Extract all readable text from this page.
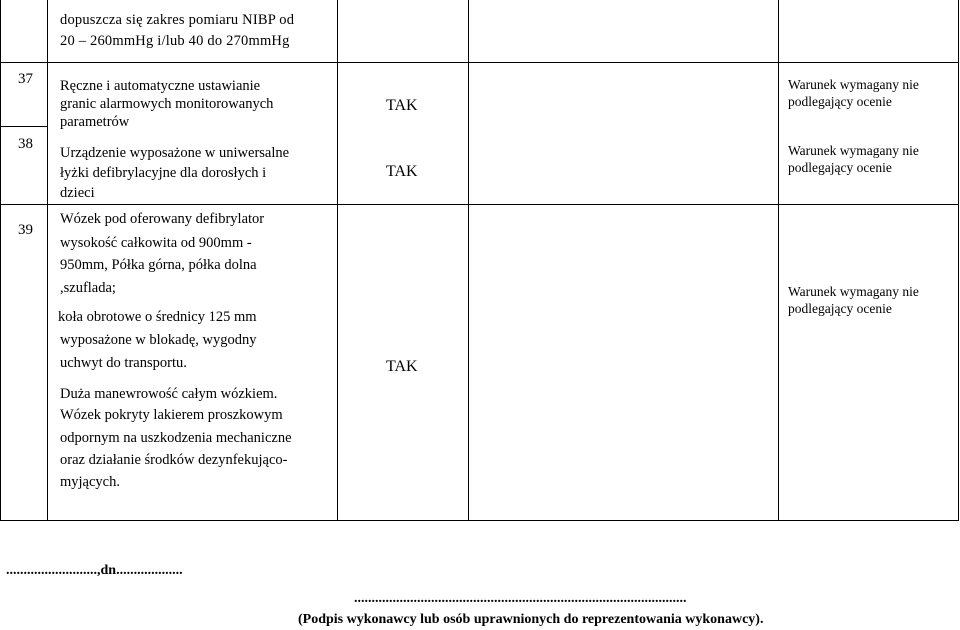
dopuszcza się zakres pomiaru NIBP od
20 – 260mmHg i/lub 40 do 270mmHg
37 Ręczne i automatyczne ustawianie
granic alarmowych monitorowanych
parametrów
TAK
Warunek wymagany nie
podlegający ocenie
38
Urządzenie wyposażone w uniwersalne
łyżki defibrylacyjne dla dorosłych i
dzieci
TAK
Warunek wymagany nie
podlegający ocenie
39
Wózek pod oferowany defibrylator
wysokość całkowita od 900mm -
950mm, Półka górna, półka dolna
,szuflada;
koła obrotowe o średnicy 125 mm
wyposażone w blokadę, wygodny
uchwyt do transportu.
Duża manewrowość całym wózkiem.
Wózek pokryty lakierem proszkowym
odpornym na uszkodzenia mechaniczne
oraz działanie środków dezynfekująco-
myjących.
TAK
Warunek wymagany nie
podlegający ocenie
..........................,dn...................
...............................................................................................
(Podpis wykonawcy lub osób uprawnionych do reprezentowania wykonawcy).
